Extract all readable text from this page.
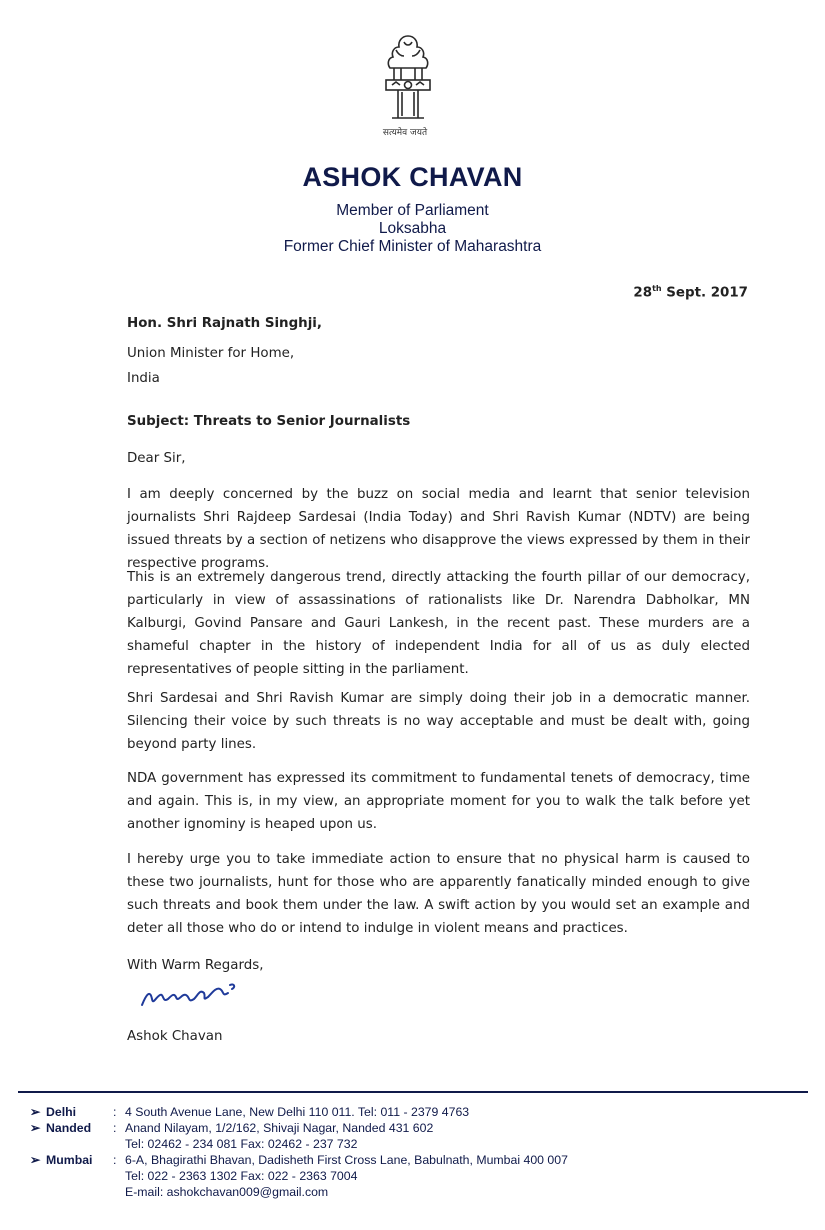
सत्यमेव जयते
ASHOK CHAVAN
Member of Parliament
Loksabha
Former Chief Minister of Maharashtra
28th Sept. 2017
Hon. Shri Rajnath Singhji,
Union Minister for Home,
India
Subject: Threats to Senior Journalists
Dear Sir,
I am deeply concerned by the buzz on social media and learnt that senior television journalists Shri Rajdeep Sardesai (India Today) and Shri Ravish Kumar (NDTV) are being issued threats by a section of netizens who disapprove the views expressed by them in their respective programs.
This is an extremely dangerous trend, directly attacking the fourth pillar of our democracy, particularly in view of assassinations of rationalists like Dr. Narendra Dabholkar, MN Kalburgi, Govind Pansare and Gauri Lankesh, in the recent past. These murders are a shameful chapter in the history of independent India for all of us as duly elected representatives of people sitting in the parliament.
Shri Sardesai and Shri Ravish Kumar are simply doing their job in a democratic manner. Silencing their voice by such threats is no way acceptable and must be dealt with, going beyond party lines.
NDA government has expressed its commitment to fundamental tenets of democracy, time and again. This is, in my view, an appropriate moment for you to walk the talk before yet another ignominy is heaped upon us.
I hereby urge you to take immediate action to ensure that no physical harm is caused to these two journalists, hunt for those who are apparently fanatically minded enough to give such threats and book them under the law. A swift action by you would set an example and deter all those who do or intend to indulge in violent means and practices.
With Warm Regards,
Ashok Chavan
➢ Delhi	: 4 South Avenue Lane, New Delhi 110 011. Tel: 011 - 2379 4763
➢ Nanded	: Anand Nilayam, 1/2/162, Shivaji Nagar, Nanded 431 602
Tel: 02462 - 234 081 Fax: 02462 - 237 732
➢ Mumbai	: 6-A, Bhagirathi Bhavan, Dadisheth First Cross Lane, Babulnath, Mumbai 400 007
Tel: 022 - 2363 1302 Fax: 022 - 2363 7004
E-mail: ashokchavan009@gmail.com
